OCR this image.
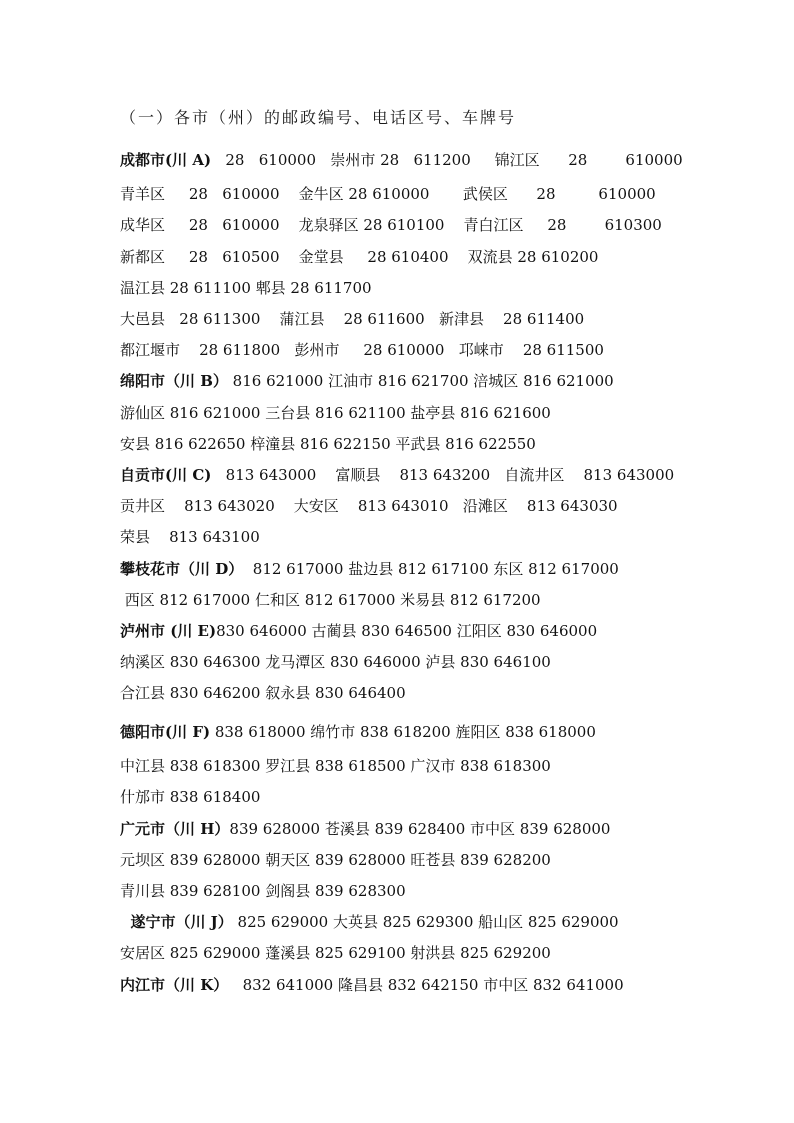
（一）各市（州）的邮政编号、电话区号、车牌号
成都市(川 A)   28   610000   崇州市 28   611200     锦江区      28        610000
青羊区     28   610000    金牛区 28 610000       武侯区      28         610000
成华区     28   610000    龙泉驿区 28 610100    青白江区     28        610300
新都区     28   610500    金堂县     28 610400    双流县 28 610200
温江县 28 611100 郫县 28 611700
大邑县   28 611300    蒲江县    28 611600   新津县    28 611400
都江堰市    28 611800   彭州市     28 610000   邛崃市    28 611500
绵阳市（川 B） 816 621000 江油市 816 621700 涪城区 816 621000
游仙区 816 621000 三台县 816 621100 盐亭县 816 621600
安县 816 622650 梓潼县 816 622150 平武县 816 622550
自贡市(川 C)   813 643000    富顺县    813 643200   自流井区    813 643000
贡井区    813 643020    大安区    813 643010   沿滩区    813 643030
荣县    813 643100
攀枝花市（川 D）  812 617000 盐边县 812 617100 东区 812 617000
西区 812 617000 仁和区 812 617000 米易县 812 617200
泸州市 (川 E)830 646000 古蔺县 830 646500 江阳区 830 646000
纳溪区 830 646300 龙马潭区 830 646000 泸县 830 646100
合江县 830 646200 叙永县 830 646400
德阳市(川 F) 838 618000 绵竹市 838 618200 旌阳区 838 618000
中江县 838 618300 罗江县 838 618500 广汉市 838 618300
什邡市 838 618400
广元市（川 H）839 628000 苍溪县 839 628400 市中区 839 628000
元坝区 839 628000 朝天区 839 628000 旺苍县 839 628200
青川县 839 628100 剑阁县 839 628300
遂宁市（川 J） 825 629000 大英县 825 629300 船山区 825 629000
安居区 825 629000 蓬溪县 825 629100 射洪县 825 629200
内江市（川 K）   832 641000 隆昌县 832 642150 市中区 832 641000
